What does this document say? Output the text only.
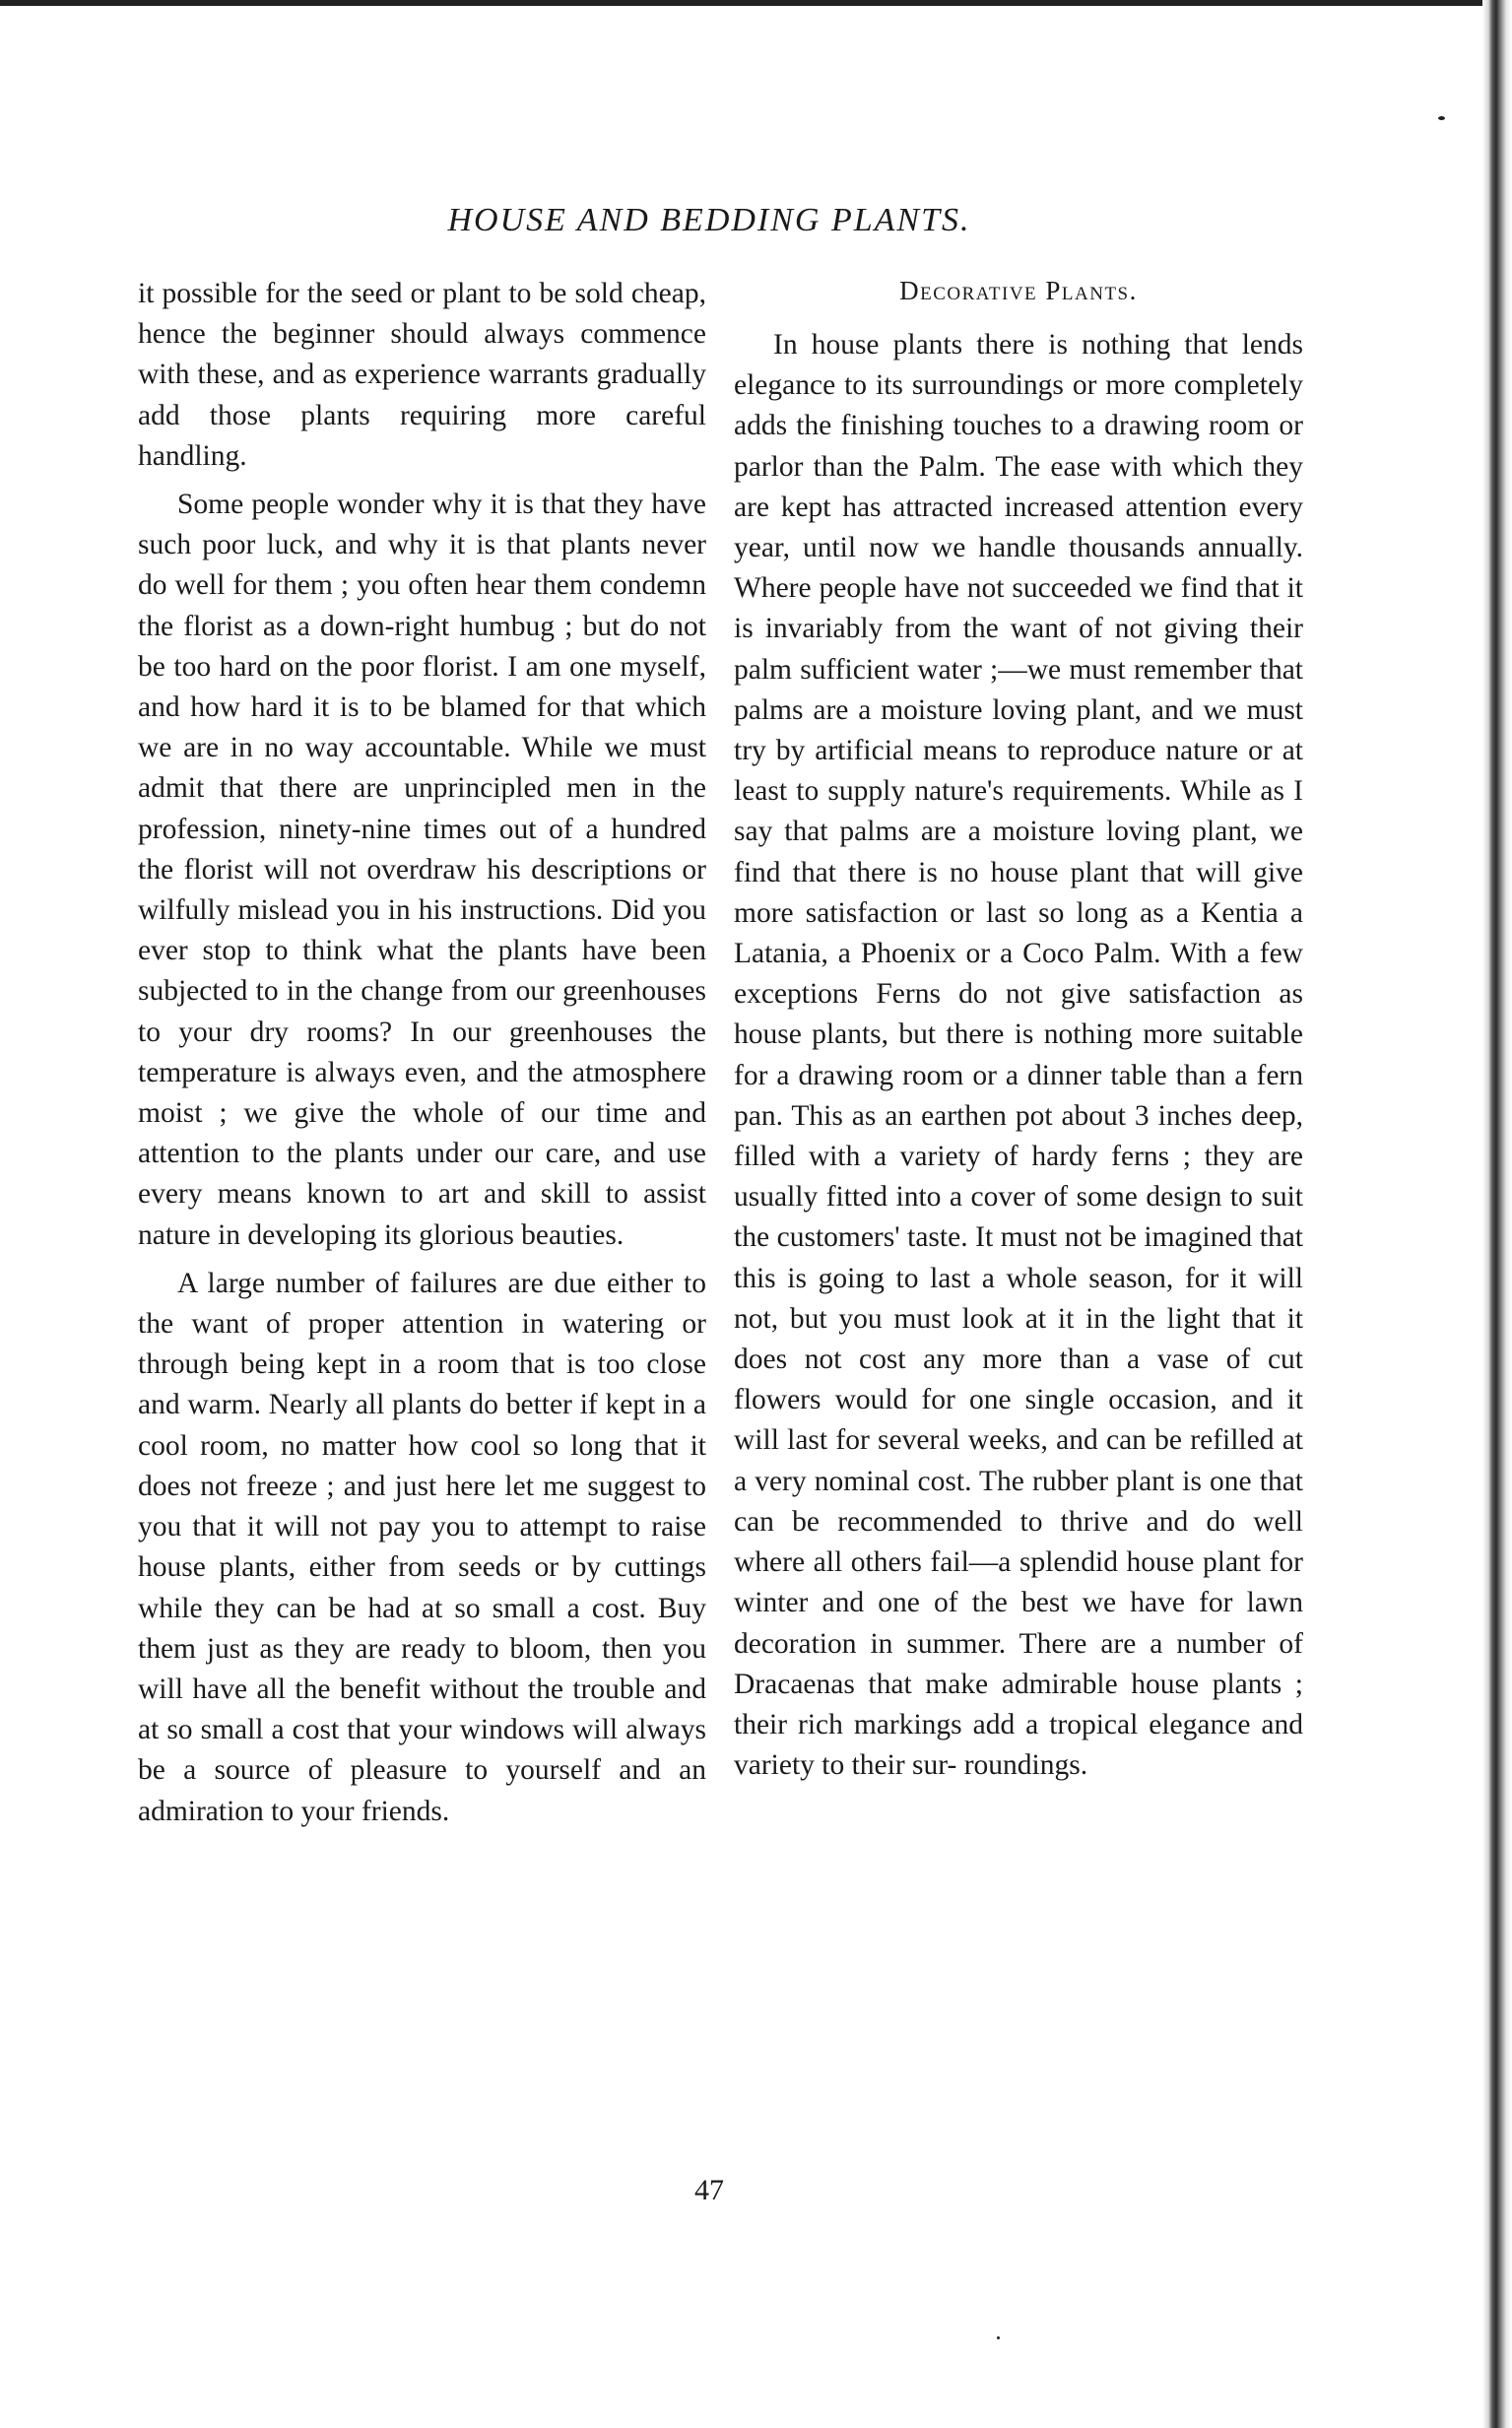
HOUSE AND BEDDING PLANTS.

it possible for the seed or plant to be sold cheap, hence the beginner should always commence with these, and as experience warrants gradually add those plants requiring more careful handling.

Some people wonder why it is that they have such poor luck, and why it is that plants never do well for them ; you often hear them condemn the florist as a down-right humbug ; but do not be too hard on the poor florist. I am one myself, and how hard it is to be blamed for that which we are in no way accountable. While we must admit that there are unprincipled men in the profession, ninety-nine times out of a hundred the florist will not overdraw his descriptions or wilfully mislead you in his instructions. Did you ever stop to think what the plants have been subjected to in the change from our greenhouses to your dry rooms? In our greenhouses the temperature is always even, and the atmosphere moist ; we give the whole of our time and attention to the plants under our care, and use every means known to art and skill to assist nature in developing its glorious beauties.

A large number of failures are due either to the want of proper attention in watering or through being kept in a room that is too close and warm. Nearly all plants do better if kept in a cool room, no matter how cool so long that it does not freeze ; and just here let me suggest to you that it will not pay you to attempt to raise house plants, either from seeds or by cuttings while they can be had at so small a cost. Buy them just as they are ready to bloom, then you will have all the benefit without the trouble and at so small a cost that your windows will always be a source of pleasure to yourself and an admiration to your friends.

Decorative Plants.

In house plants there is nothing that lends elegance to its surroundings or more completely adds the finishing touches to a drawing room or parlor than the Palm. The ease with which they are kept has attracted increased attention every year, until now we handle thousands annually. Where people have not succeeded we find that it is invariably from the want of not giving their palm sufficient water ;—we must remember that palms are a moisture loving plant, and we must try by artificial means to reproduce nature or at least to supply nature's requirements. While as I say that palms are a moisture loving plant, we find that there is no house plant that will give more satisfaction or last so long as a Kentia a Latania, a Phoenix or a Coco Palm. With a few exceptions Ferns do not give satisfaction as house plants, but there is nothing more suitable for a drawing room or a dinner table than a fern pan. This as an earthen pot about 3 inches deep, filled with a variety of hardy ferns ; they are usually fitted into a cover of some design to suit the customers' taste. It must not be imagined that this is going to last a whole season, for it will not, but you must look at it in the light that it does not cost any more than a vase of cut flowers would for one single occasion, and it will last for several weeks, and can be refilled at a very nominal cost. The rubber plant is one that can be recommended to thrive and do well where all others fail—a splendid house plant for winter and one of the best we have for lawn decoration in summer. There are a number of Dracaenas that make admirable house plants ; their rich markings add a tropical elegance and variety to their sur- roundings.

47
